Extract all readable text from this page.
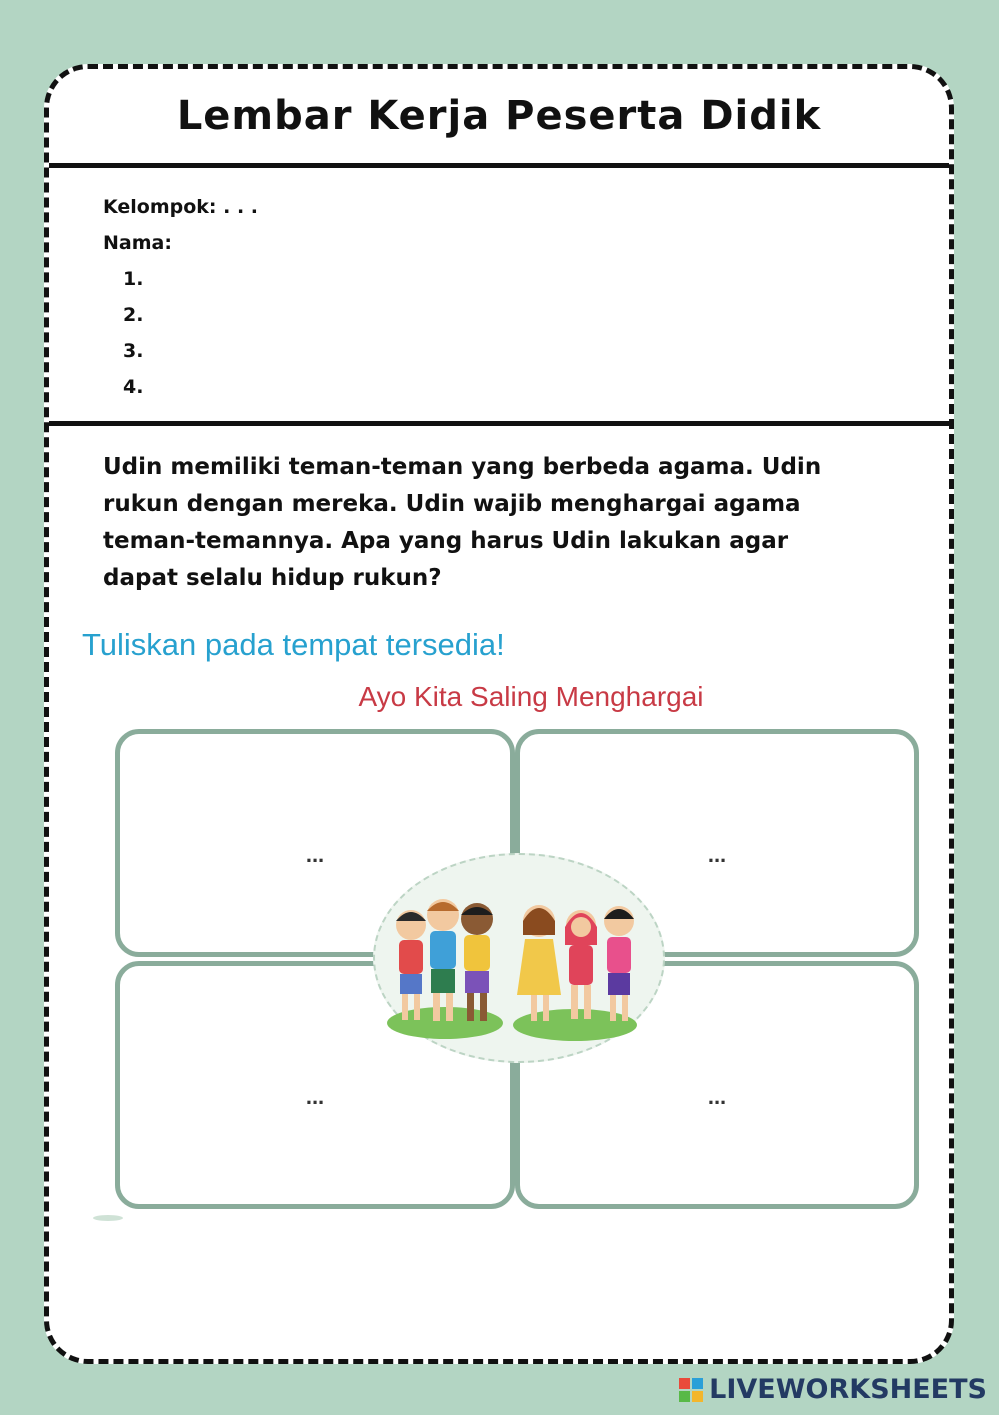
Lembar Kerja Peserta Didik
Kelompok: . . .
Nama:
1.
2.
3.
4.
Udin memiliki teman-teman yang berbeda agama. Udin rukun dengan mereka. Udin wajib menghargai agama teman-temannya. Apa yang harus Udin lakukan agar dapat selalu hidup rukun?
Tuliskan pada tempat tersedia!
Ayo Kita Saling Menghargai
...	...
...	...
LIVEWORKSHEETS
